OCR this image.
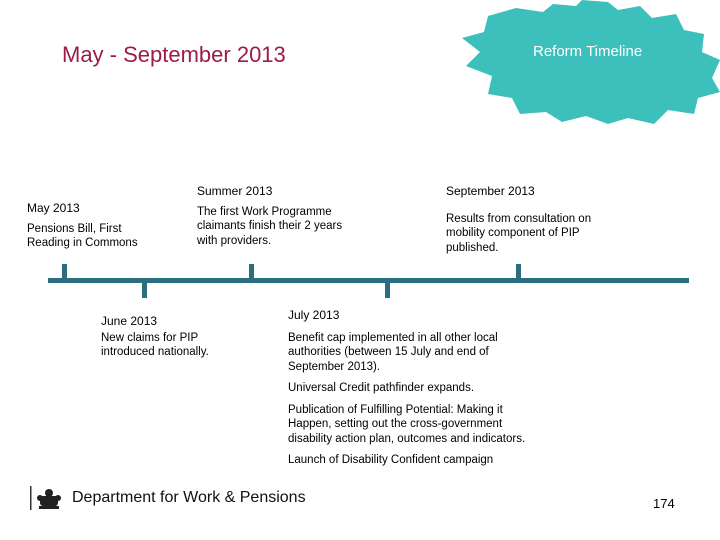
May - September 2013	Reform Timeline
May 2013
Pensions Bill, First Reading in Commons
Summer 2013
The first Work Programme claimants finish their 2 years with providers.
September 2013
Results from consultation on mobility component of PIP published.
June 2013
New claims for PIP introduced nationally.
July 2013
Benefit cap implemented in all other local authorities (between 15 July and end of September 2013).
Universal Credit pathfinder expands.
Publication of Fulfilling Potential: Making it Happen, setting out the cross-government disability action plan, outcomes and indicators.
Launch of Disability Confident campaign
Department for Work & Pensions	174
